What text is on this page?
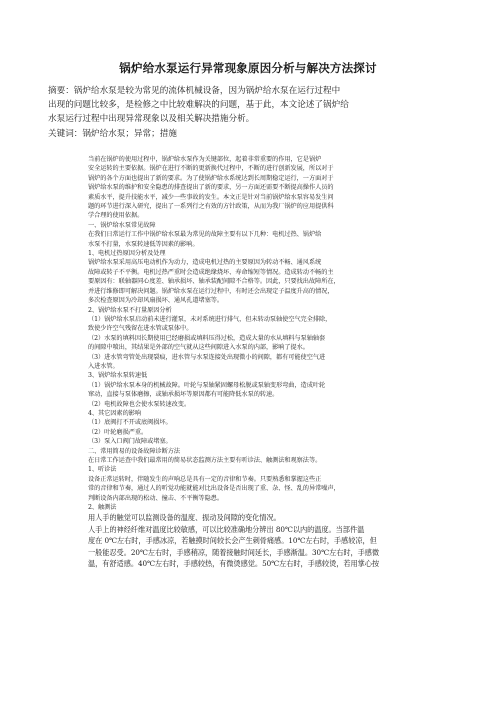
锅炉给水泵运行异常现象原因分析与解决方法探讨

摘要：锅炉给水泵是较为常见的流体机械设备，因为锅炉给水泵在运行过程中

出现的问题比较多，是检修之中比较难解决的问题，基于此，本文论述了锅炉给

水泵运行过程中出现异常现象以及相关解决措施分析。

关键词：锅炉给水泵；异常；措施

当前在锅炉的使用过程中，锅炉给水泵作为关键部位，起着非常重要的作用，它是锅炉

安全运转的主要依据。锅炉在进行不断的更新换代过程中，不断的进行创新发展，所以对于

锅炉的各个方面也提出了新的要求。为了使锅炉给水系统达到长周期稳定运行，一方面对于

锅炉给水泵的维护和安全隐患的排查提出了新的要求，另一方面还需要不断提高操作人员的

素质水平，提升技能水平，减少一些事故的发生。本文正是针对当前锅炉给水泵容易发生问

题的环节进行深入研究，提出了一系列行之有效的方针政策，从而为我厂锅炉的应用提供科

学合理的使用依据。

一、锅炉给水泵常见故障

在我们日常运行工作中锅炉给水泵最为常见的故障主要有以下几种：电机过热、锅炉给

水泵不打量，水泵转速低等因素的影响。

1、电机过热原因分析及处理

锅炉给水泵采用高压电动机作为动力，造成电机过热的主要原因为转动不畅、通风系统

故障或转子不平衡。电机过热严重时会造成绝缘烧坏、寿命缩短等情况。造成转动不畅的主

要原因有：联轴器同心度差、轴承损坏、轴承装配间隙不合格等。因此，只要找出故障所在，

并进行维修即可解决问题。锅炉给水泵在运行过程中，有时还会出现定子温度升高的情况，

多次检查原因为冷却风扇损坏、通风孔道堵塞等。

2、锅炉给水泵不打量原因分析

（1）锅炉给水泵启动前未进行灌泵，未对系统进行排气，但未转动泵轴使空气完全排除，

致使少许空气残留在进水管或泵体中。

（2）水泵的填料因长期使用已经磨损或填料压得过松，造成大量的水从填料与泵轴轴套

的间隙中喷出，其结果是外部的空气就从这些间隙进入水泵的内部，影响了提水。

（3）进水管弯管处出现裂痕，进水管与水泵连接处出现微小的间隙，都有可能使空气进

入进水管。

3、锅炉给水泵转速低

（1）锅炉给水泵本身的机械故障。叶轮与泵轴紧固螺母松脱或泵轴变形弯曲，造成叶轮

窜动，直接与泵体磨擦，或轴承损坏等原因都有可能降低水泵的转速。

（2）电机故障也会使水泵转速改变。

4、其它因素的影响

（1）底阀打不开或底阀损坏。

（2）叶轮磨损严重。

（3）泵入口阀门故障或堵塞。

二、常用简易的设备故障诊断方法

在日常工作运查中我们最常用的简易状态监测方法主要有听诊法、触测法和观察法等。

1、听诊法

设备正常运转时，伴随发生的声响总是具有一定的音律和节奏。只要熟悉和掌握这些正

常的音律和节奏，通过人的听觉功能就能对比出设备是否出现了重、杂、怪、乱的异常噪声，

判断设备内部出现的松动、撞击、不平衡等隐患。

2、触测法

用人手的触觉可以监测设备的温度、振动及间隙的变化情况。

人手上的神经纤维对温度比较敏感，可以比较准确地分辨出 80℃以内的温度。当部件温

度在 0℃左右时，手感冰凉，若触摸时间较长会产生刺骨痛感。10℃左右时，手感较凉，但

一般能忍受。20℃左右时，手感稍凉，随着接触时间延长，手感渐温。30℃左右时，手感微

温，有舒适感。40℃左右时，手感较热，有微烫感觉。50℃左右时，手感较烫，若用掌心按
